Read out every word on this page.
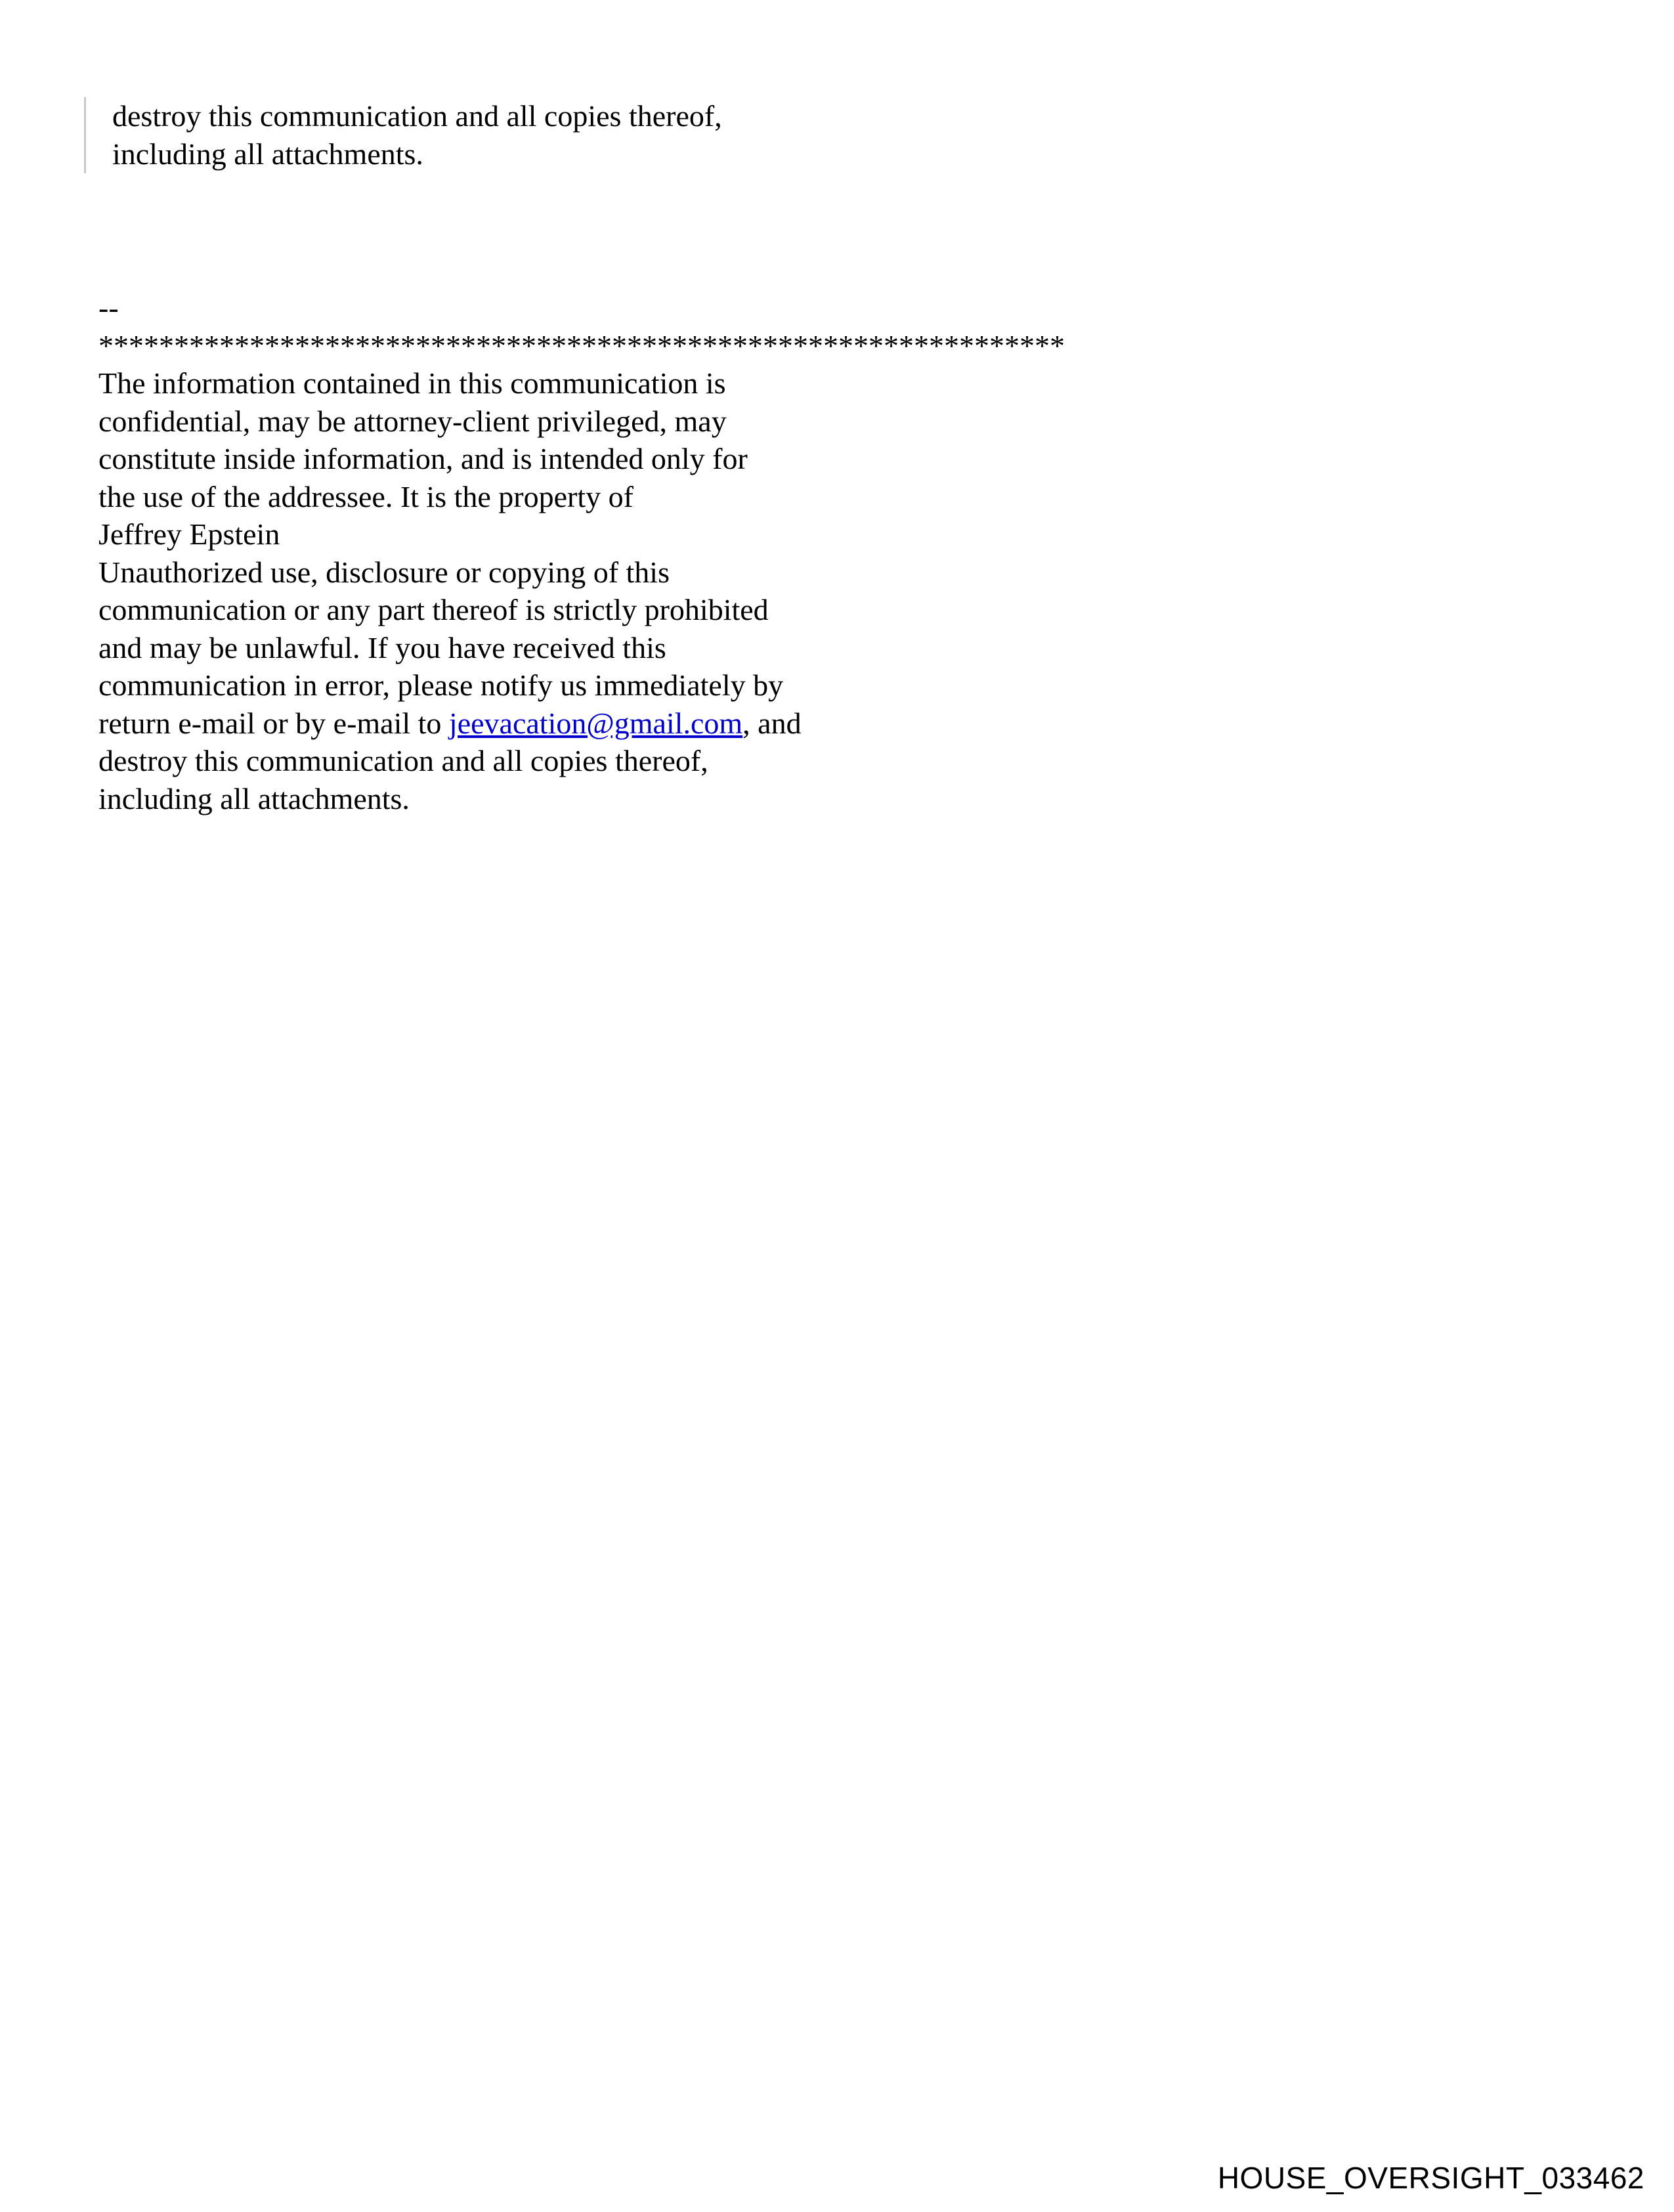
destroy this communication and all copies thereof,
including all attachments.
--
****************************************************************
The information contained in this communication is
confidential, may be attorney-client privileged, may
constitute inside information, and is intended only for
the use of the addressee. It is the property of
Jeffrey Epstein
Unauthorized use, disclosure or copying of this
communication or any part thereof is strictly prohibited
and may be unlawful. If you have received this
communication in error, please notify us immediately by
return e-mail or by e-mail to jeevacation@gmail.com, and
destroy this communication and all copies thereof,
including all attachments.
HOUSE_OVERSIGHT_033462
